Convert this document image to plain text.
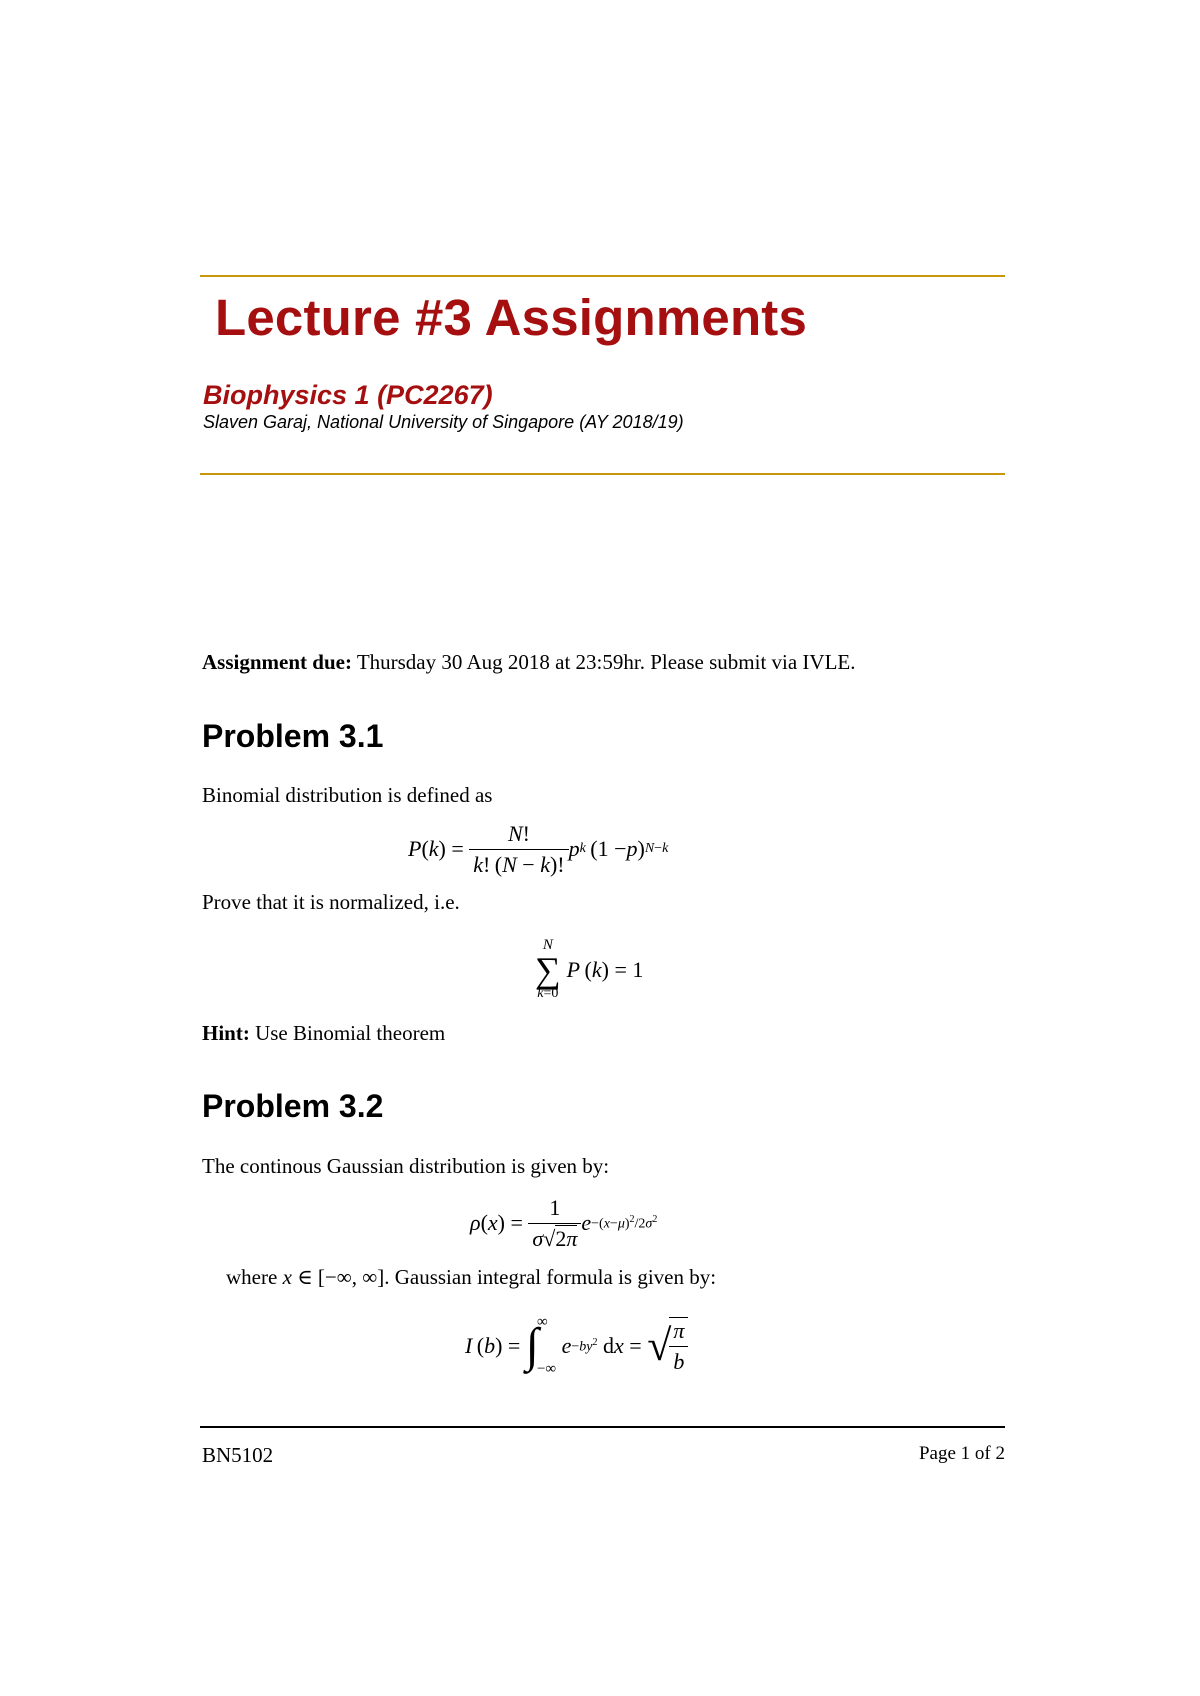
Lecture #3 Assignments
Biophysics 1 (PC2267)
Slaven Garaj, National University of Singapore (AY 2018/19)
Assignment due: Thursday 30 Aug 2018 at 23:59hr. Please submit via IVLE.
Problem 3.1
Binomial distribution is defined as
P ( k ) = $\frac{N!}{k! (N - k)!}$ p k  (1 − p ) N−k
Prove that it is normalized, i.e.
N
∑
k=0
P  ( k ) = 1
Hint: Use Binomial theorem
Problem 3.2
The continous Gaussian distribution is given by:
ρ ( x ) = $\frac{1}{\sigma√2\pi}$ $e -(x-\mu)^2/2\sigma^2$
where x ∈ [−∞, ∞]. Gaussian integral formula is given by:
I  ( b ) = ∫
∞
−∞

$e -by^2$ d x = √
$\frac{\pi}{b}$
BN5102	Page 1 of 2
